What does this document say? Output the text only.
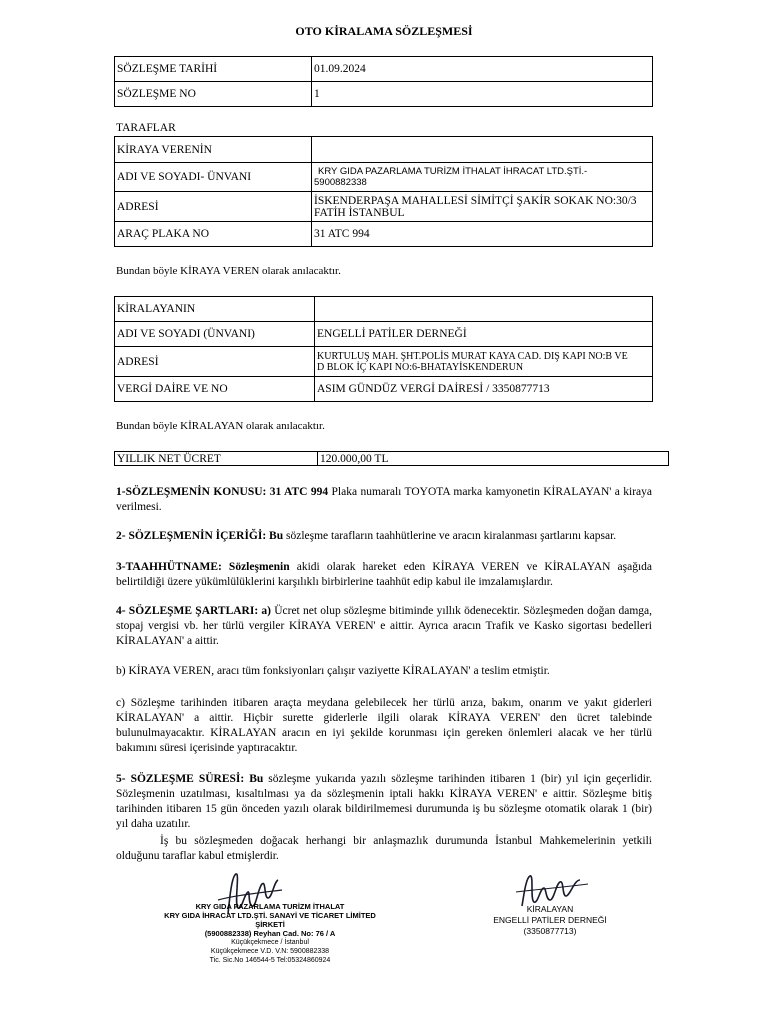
OTO KİRALAMA SÖZLEŞMESİ
SÖZLEŞME TARİHİ	01.09.2024
SÖZLEŞME NO	1
TARAFLAR
KİRAYA VERENİN	
ADI VE SOYADI- ÜNVANI	KRY GIDA PAZARLAMA TURİZM İTHALAT İHRACAT LTD.ŞTİ.-
5900882338

ADRESİ	İSKENDERPAŞA MAHALLESİ SİMİTÇİ ŞAKİR SOKAK NO:30/3
FATİH İSTANBUL

ARAÇ PLAKA NO	31 ATC 994
Bundan böyle KİRAYA VEREN olarak anılacaktır.
KİRALAYANIN	
ADI VE SOYADI (ÜNVANI)	ENGELLİ PATİLER DERNEĞİ
ADRESİ	KURTULUŞ MAH. ŞHT.POLİS MURAT KAYA CAD. DIŞ KAPI NO:B VE
D BLOK İÇ KAPI NO:6-BHATAYİSKENDERUN

VERGİ DAİRE VE NO	ASIM GÜNDÜZ VERGİ DAİRESİ / 3350877713
Bundan böyle KİRALAYAN olarak anılacaktır.
YILLIK NET ÜCRET	120.000,00 TL
1-SÖZLEŞMENİN KONUSU: 31 ATC 994 Plaka numaralı TOYOTA marka kamyonetin KİRALAYAN' a kiraya verilmesi.
2- SÖZLEŞMENİN İÇERİĞİ: Bu sözleşme tarafların taahhütlerine ve aracın kiralanması şartlarını kapsar.
3-TAAHHÜTNAME: Sözleşmenin akidi olarak hareket eden KİRAYA VEREN ve KİRALAYAN aşağıda belirtildiği üzere yükümlülüklerini karşılıklı birbirlerine taahhüt edip kabul ile imzalamışlardır.
4- SÖZLEŞME ŞARTLARI: a) Ücret net olup sözleşme bitiminde yıllık ödenecektir. Sözleşmeden doğan damga, stopaj vergisi vb. her türlü vergiler KİRAYA VEREN' e aittir. Ayrıca aracın Trafik ve Kasko sigortası bedelleri KİRALAYAN' a aittir.
b) KİRAYA VEREN, aracı tüm fonksiyonları çalışır vaziyette KİRALAYAN' a teslim etmiştir.
c) Sözleşme tarihinden itibaren araçta meydana gelebilecek her türlü arıza, bakım, onarım ve yakıt giderleri KİRALAYAN' a aittir. Hiçbir surette giderlerle ilgili olarak KİRAYA VEREN' den ücret talebinde bulunulmayacaktır. KİRALAYAN aracın en iyi şekilde korunması için gereken önlemleri alacak ve her türlü bakımını süresi içerisinde yaptıracaktır.
5- SÖZLEŞME SÜRESİ: Bu sözleşme yukarıda yazılı sözleşme tarihinden itibaren 1 (bir) yıl için geçerlidir. Sözleşmenin uzatılması, kısaltılması ya da sözleşmenin iptali hakkı KİRAYA VEREN' e aittir. Sözleşme bitiş tarihinden itibaren 15 gün önceden yazılı olarak bildirilmemesi durumunda iş bu sözleşme otomatik olarak 1 (bir) yıl daha uzatılır.
İş bu sözleşmeden doğacak herhangi bir anlaşmazlık durumunda İstanbul Mahkemelerinin yetkili olduğunu taraflar kabul etmişlerdir.
KRY GIDA PAZARLAMA TURİZM İTHALAT
KRY GIDA İHRACAT LTD.ŞTİ. SANAYİ VE TİCARET LİMİTED ŞİRKETİ
(5900882338) Reyhan Cad. No: 76 / A
Küçükçekmece / İstanbul
Küçükçekmece V.D. V.N: 5900882338
Tic. Sic.No 146544-5 Tel:05324860924
KİRALAYAN
ENGELLİ PATİLER DERNEĞİ
(3350877713)
